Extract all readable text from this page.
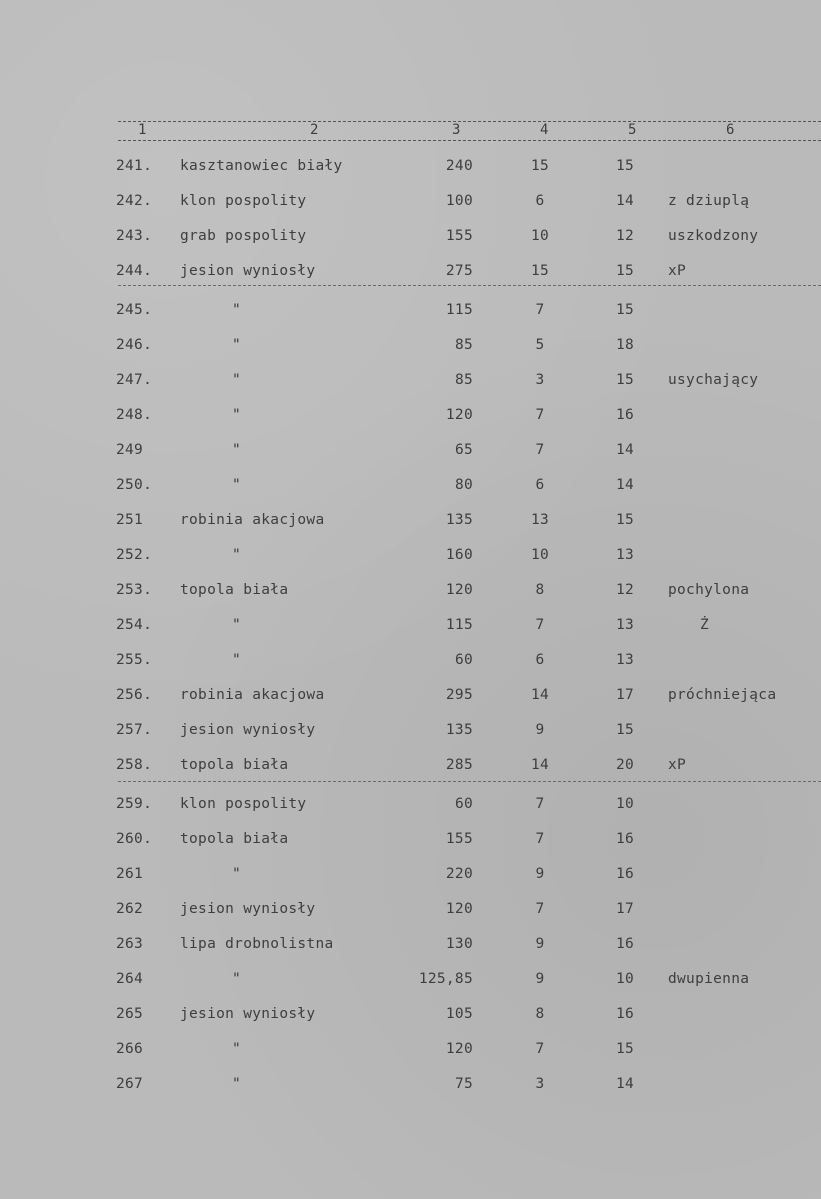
1	2	3	4	5	6
241. kasztanowiec biały	240	15	15
242. klon pospolity	100	6	14	z dziuplą
243. grab pospolity	155	10	12	uszkodzony
244. jesion wyniosły	275	15	15	xP
245.	"	115	7	15
246.	"	85	5	18
247.	"	85	3	15	usychający
248.	"	120	7	16
249	"	65	7	14
250.	"	80	6	14
251	robinia akacjowa	135	13	15
252.	"	160	10	13
253. topola biała	120	8	12	pochylona
254.	"	115	7	13	Ż
255.	"	60	6	13
256. robinia akacjowa	295	14	17	próchniejąca
257. jesion wyniosły	135	9	15
258. topola biała	285	14	20	xP
259. klon pospolity	60	7	10
260. topola biała	155	7	16
261	"	220	9	16
262	jesion wyniosły	120	7	17
263	lipa drobnolistna	130	9	16
264	"	125,85	9	10	dwupienna
265	jesion wyniosły	105	8	16
266	"	120	7	15
267	"	75	3	14
